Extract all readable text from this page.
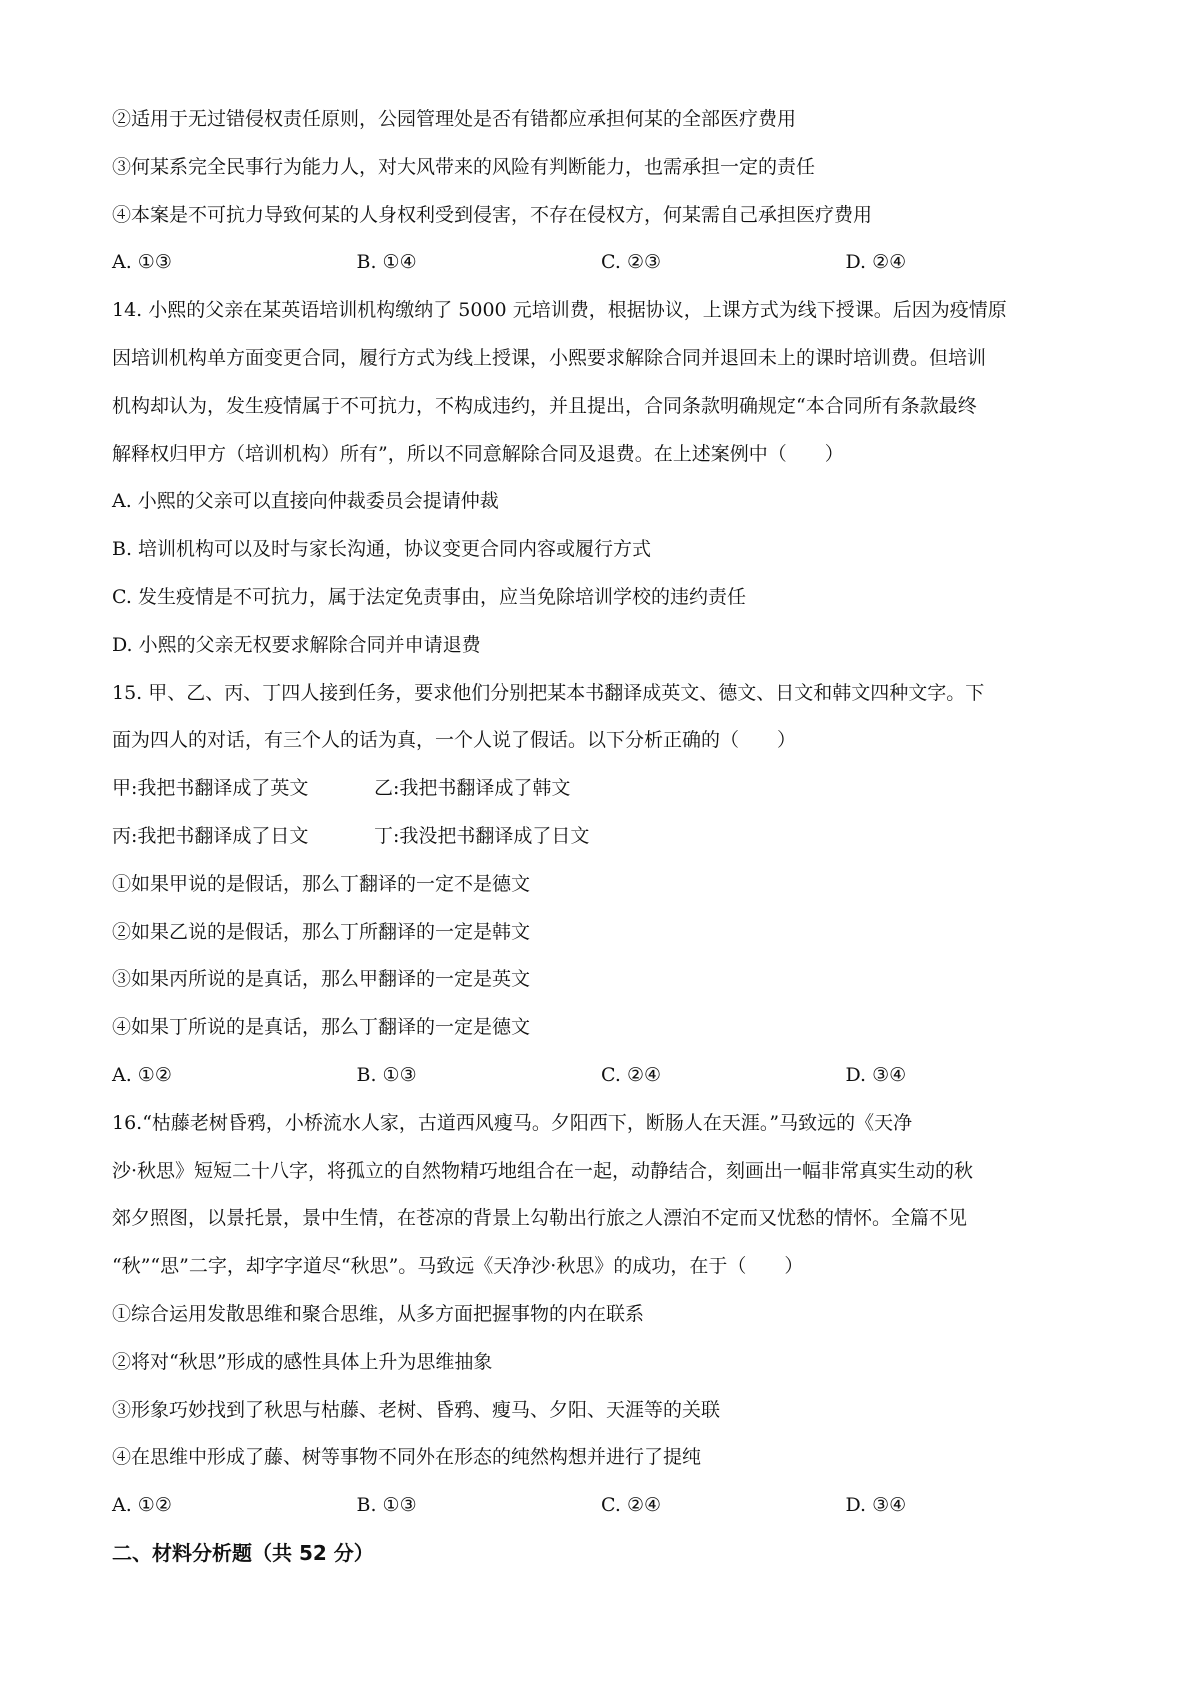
②适用于无过错侵权责任原则，公园管理处是否有错都应承担何某的全部医疗费用
③何某系完全民事行为能力人，对大风带来的风险有判断能力，也需承担一定的责任
④本案是不可抗力导致何某的人身权利受到侵害，不存在侵权方，何某需自己承担医疗费用
A. ①③	B. ①④	C. ②③	D. ②④
14. 小熙的父亲在某英语培训机构缴纳了 5000 元培训费，根据协议，上课方式为线下授课。后因为疫情原
因培训机构单方面变更合同，履行方式为线上授课，小熙要求解除合同并退回未上的课时培训费。但培训
机构却认为，发生疫情属于不可抗力，不构成违约，并且提出，合同条款明确规定“本合同所有条款最终
解释权归甲方（培训机构）所有”，所以不同意解除合同及退费。在上述案例中（　　）
A. 小熙的父亲可以直接向仲裁委员会提请仲裁
B. 培训机构可以及时与家长沟通，协议变更合同内容或履行方式
C. 发生疫情是不可抗力，属于法定免责事由，应当免除培训学校的违约责任
D. 小熙的父亲无权要求解除合同并申请退费
15. 甲、乙、丙、丁四人接到任务，要求他们分别把某本书翻译成英文、德文、日文和韩文四种文字。下
面为四人的对话，有三个人的话为真，一个人说了假话。以下分析正确的（　　）
甲:我把书翻译成了英文	乙:我把书翻译成了韩文
丙:我把书翻译成了日文	丁:我没把书翻译成了日文
①如果甲说的是假话，那么丁翻译的一定不是德文
②如果乙说的是假话，那么丁所翻译的一定是韩文
③如果丙所说的是真话，那么甲翻译的一定是英文
④如果丁所说的是真话，那么丁翻译的一定是德文
A. ①②	B. ①③	C. ②④	D. ③④
16.“枯藤老树昏鸦，小桥流水人家，古道西风瘦马。夕阳西下，断肠人在天涯。”马致远的《天净
沙·秋思》短短二十八字，将孤立的自然物精巧地组合在一起，动静结合，刻画出一幅非常真实生动的秋
郊夕照图，以景托景，景中生情，在苍凉的背景上勾勒出行旅之人漂泊不定而又忧愁的情怀。全篇不见
“秋”“思”二字，却字字道尽“秋思”。马致远《天净沙·秋思》的成功，在于（　　）
①综合运用发散思维和聚合思维，从多方面把握事物的内在联系
②将对“秋思”形成的感性具体上升为思维抽象
③形象巧妙找到了秋思与枯藤、老树、昏鸦、瘦马、夕阳、天涯等的关联
④在思维中形成了藤、树等事物不同外在形态的纯然构想并进行了提纯
A. ①②	B. ①③	C. ②④	D. ③④
二、材料分析题（共 52 分）
